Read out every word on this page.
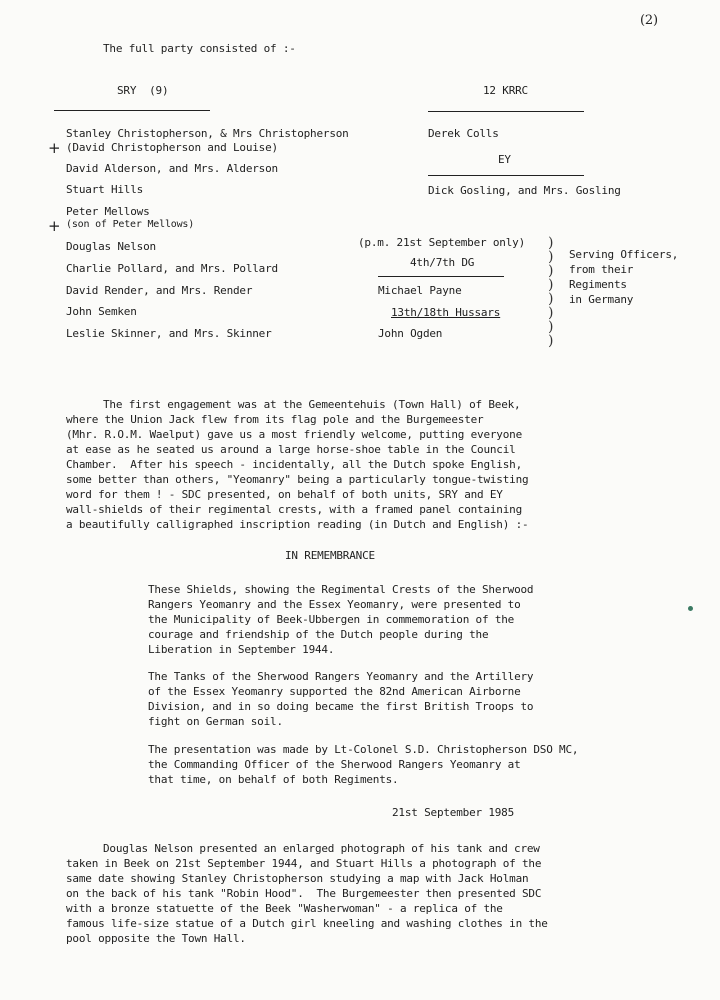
(2)
The full party consisted of :-
SRY  (9)
Stanley Christopherson, & Mrs Christopherson
+ (David Christopherson and Louise)
David Alderson, and Mrs. Alderson
Stuart Hills
Peter Mellows
+ (son of Peter Mellows)
Douglas Nelson
Charlie Pollard, and Mrs. Pollard
David Render, and Mrs. Render
John Semken
Leslie Skinner, and Mrs. Skinner
12 KRRC
Derek Colls
EY
Dick Gosling, and Mrs. Gosling
(p.m. 21st September only)
4th/7th DG
Michael Payne
13th/18th Hussars
John Ogden
)
)
)
)
)
)
)
)
Serving Officers,
from their
Regiments
in Germany
The first engagement was at the Gemeentehuis (Town Hall) of Beek,
where the Union Jack flew from its flag pole and the Burgemeester
(Mhr. R.O.M. Waelput) gave us a most friendly welcome, putting everyone
at ease as he seated us around a large horse-shoe table in the Council
Chamber.  After his speech - incidentally, all the Dutch spoke English,
some better than others, "Yeomanry" being a particularly tongue-twisting
word for them ! - SDC presented, on behalf of both units, SRY and EY
wall-shields of their regimental crests, with a framed panel containing
a beautifully calligraphed inscription reading (in Dutch and English) :-
IN REMEMBRANCE
These Shields, showing the Regimental Crests of the Sherwood
Rangers Yeomanry and the Essex Yeomanry, were presented to
the Municipality of Beek-Ubbergen in commemoration of the
courage and friendship of the Dutch people during the
Liberation in September 1944.
The Tanks of the Sherwood Rangers Yeomanry and the Artillery
of the Essex Yeomanry supported the 82nd American Airborne
Division, and in so doing became the first British Troops to
fight on German soil.
The presentation was made by Lt-Colonel S.D. Christopherson DSO MC,
the Commanding Officer of the Sherwood Rangers Yeomanry at
that time, on behalf of both Regiments.
21st September 1985
Douglas Nelson presented an enlarged photograph of his tank and crew
taken in Beek on 21st September 1944, and Stuart Hills a photograph of the
same date showing Stanley Christopherson studying a map with Jack Holman
on the back of his tank "Robin Hood".  The Burgemeester then presented SDC
with a bronze statuette of the Beek "Washerwoman" - a replica of the
famous life-size statue of a Dutch girl kneeling and washing clothes in the
pool opposite the Town Hall.
